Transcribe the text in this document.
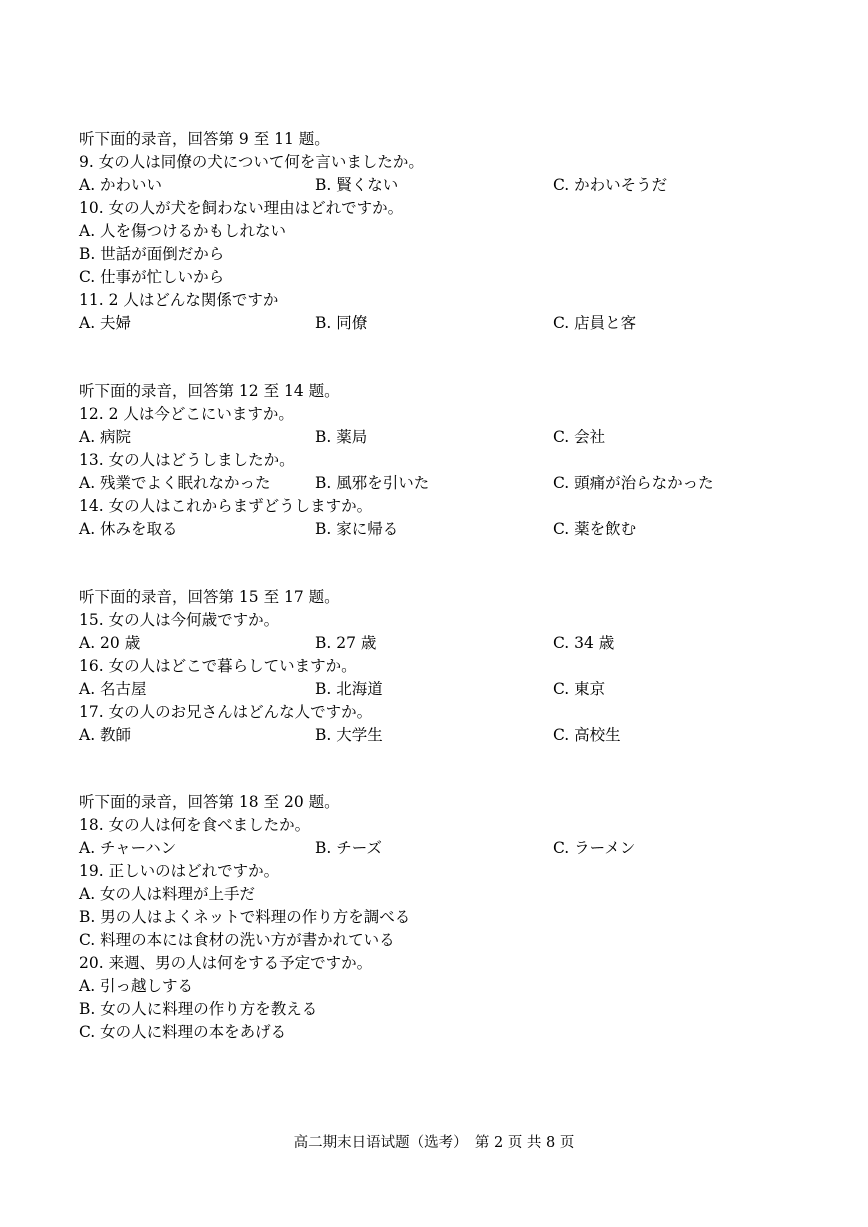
听下面的录音，回答第 9 至 11 题。
9. 女の人は同僚の犬について何を言いましたか。
A. かわいい	B. 賢くない	C. かわいそうだ
10. 女の人が犬を飼わない理由はどれですか。
A. 人を傷つけるかもしれない
B. 世話が面倒だから
C. 仕事が忙しいから
11. 2 人はどんな関係ですか
A. 夫婦	B. 同僚	C. 店員と客
听下面的录音，回答第 12 至 14 题。
12. 2 人は今どこにいますか。
A. 病院	B. 薬局	C. 会社
13. 女の人はどうしましたか。
A. 残業でよく眠れなかった	B. 風邪を引いた	C. 頭痛が治らなかった
14. 女の人はこれからまずどうしますか。
A. 休みを取る	B. 家に帰る	C. 薬を飲む
听下面的录音，回答第 15 至 17 题。
15. 女の人は今何歳ですか。
A. 20 歳	B. 27 歳	C. 34 歳
16. 女の人はどこで暮らしていますか。
A. 名古屋	B. 北海道	C. 東京
17. 女の人のお兄さんはどんな人ですか。
A. 教師	B. 大学生	C. 高校生
听下面的录音，回答第 18 至 20 题。
18. 女の人は何を食べましたか。
A. チャーハン	B. チーズ	C. ラーメン
19. 正しいのはどれですか。
A. 女の人は料理が上手だ
B. 男の人はよくネットで料理の作り方を調べる
C. 料理の本には食材の洗い方が書かれている
20. 来週、男の人は何をする予定ですか。
A. 引っ越しする
B. 女の人に料理の作り方を教える
C. 女の人に料理の本をあげる
高二期末日语试题（选考）　第 2 页 共 8 页
